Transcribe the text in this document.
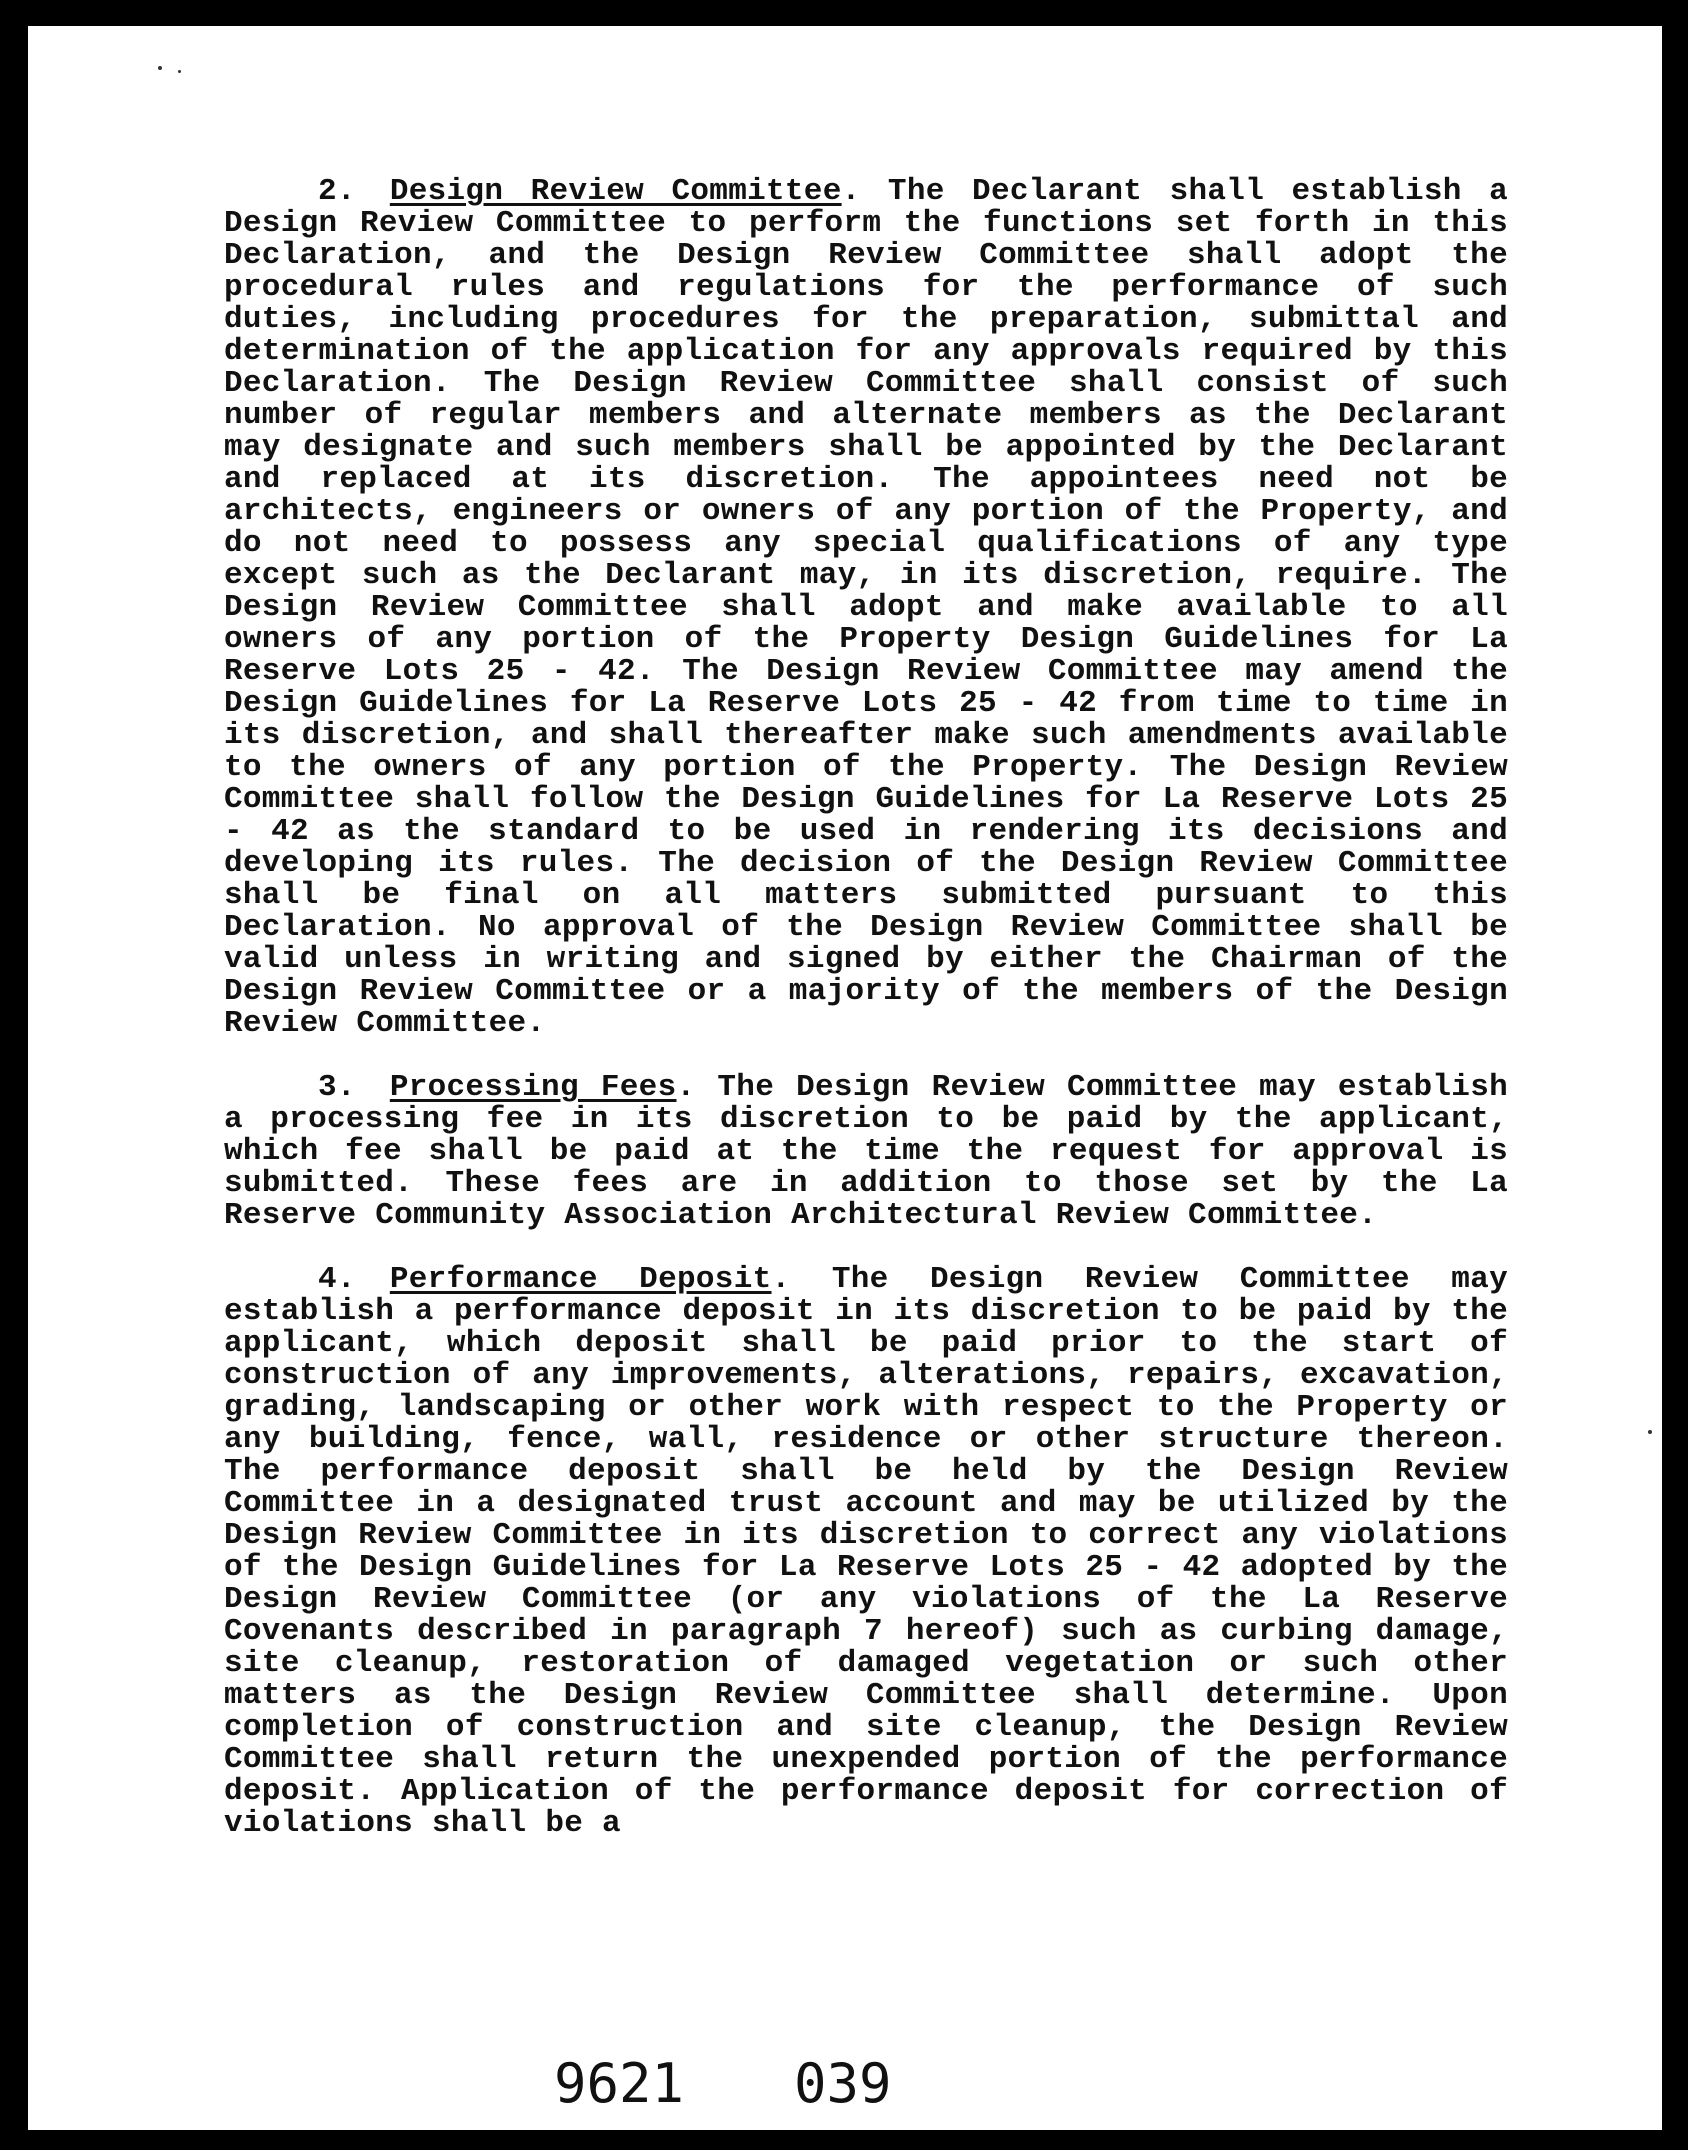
2. Design Review Committee. The Declarant shall establish a Design Review Committee to perform the functions set forth in this Declaration, and the Design Review Committee shall adopt the procedural rules and regulations for the performance of such duties, including procedures for the preparation, submittal and determination of the application for any approvals required by this Declaration. The Design Review Committee shall consist of such number of regular members and alternate members as the Declarant may designate and such members shall be appointed by the Declarant and replaced at its discretion. The appointees need not be architects, engineers or owners of any portion of the Property, and do not need to possess any special qualifications of any type except such as the Declarant may, in its discretion, require. The Design Review Committee shall adopt and make available to all owners of any portion of the Property Design Guidelines for La Reserve Lots 25 - 42. The Design Review Committee may amend the Design Guidelines for La Reserve Lots 25 - 42 from time to time in its discretion, and shall thereafter make such amendments available to the owners of any portion of the Property. The Design Review Committee shall follow the Design Guidelines for La Reserve Lots 25 - 42 as the standard to be used in rendering its decisions and developing its rules. The decision of the Design Review Committee shall be final on all matters submitted pursuant to this Declaration. No approval of the Design Review Committee shall be valid unless in writing and signed by either the Chairman of the Design Review Committee or a majority of the members of the Design Review Committee.

3. Processing Fees. The Design Review Committee may establish a processing fee in its discretion to be paid by the applicant, which fee shall be paid at the time the request for approval is submitted. These fees are in addition to those set by the La Reserve Community Association Architectural Review Committee.

4. Performance Deposit. The Design Review Committee may establish a performance deposit in its discretion to be paid by the applicant, which deposit shall be paid prior to the start of construction of any improvements, alterations, repairs, excavation, grading, landscaping or other work with respect to the Property or any building, fence, wall, residence or other structure thereon. The performance deposit shall be held by the Design Review Committee in a designated trust account and may be utilized by the Design Review Committee in its discretion to correct any violations of the Design Guidelines for La Reserve Lots 25 - 42 adopted by the Design Review Committee (or any violations of the La Reserve Covenants described in paragraph 7 hereof) such as curbing damage, site cleanup, restoration of damaged vegetation or such other matters as the Design Review Committee shall determine. Upon completion of construction and site cleanup, the Design Review Committee shall return the unexpended portion of the performance deposit. Application of the performance deposit for correction of violations shall be a

9621 039
